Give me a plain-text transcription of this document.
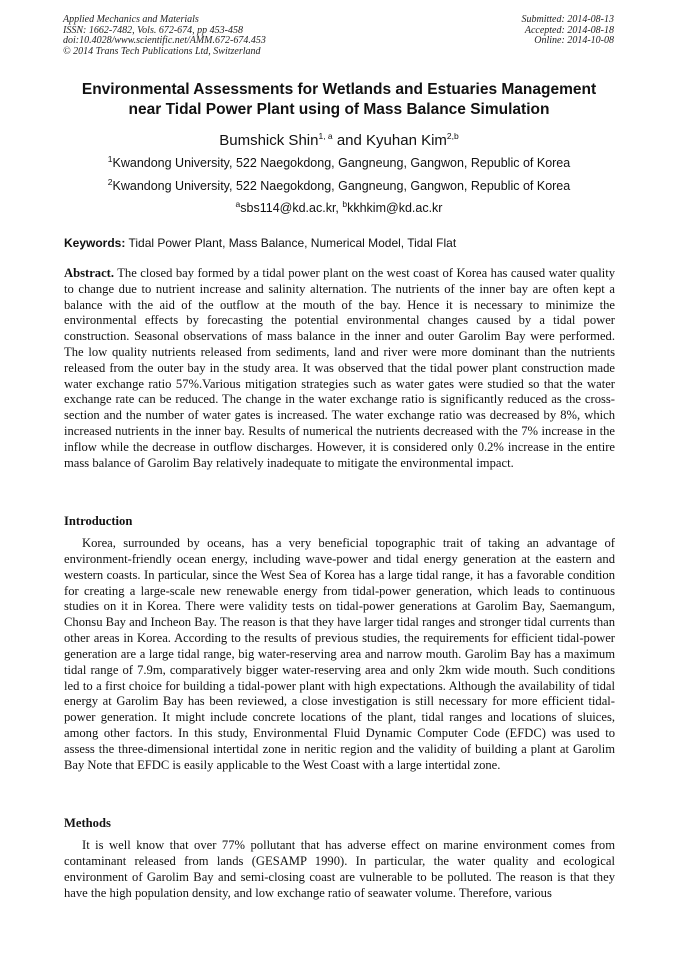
Applied Mechanics and Materials
ISSN: 1662-7482, Vols. 672-674, pp 453-458
doi:10.4028/www.scientific.net/AMM.672-674.453
© 2014 Trans Tech Publications Ltd, Switzerland
Submitted: 2014-08-13
Accepted: 2014-08-18
Online: 2014-10-08
Environmental Assessments for Wetlands and Estuaries Management
near Tidal Power Plant using of Mass Balance Simulation
Bumshick Shin$^{1, a}$ and Kyuhan Kim$^{2,b}$
$^1$Kwandong University, 522 Naegokdong, Gangneung, Gangwon, Republic of Korea
$^2$Kwandong University, 522 Naegokdong, Gangneung, Gangwon, Republic of Korea
$^a$sbs114@kd.ac.kr, $^b$kkhkim@kd.ac.kr
Keywords: Tidal Power Plant, Mass Balance, Numerical Model, Tidal Flat
Abstract. The closed bay formed by a tidal power plant on the west coast of Korea has caused water quality to change due to nutrient increase and salinity alternation. The nutrients of the inner bay are often kept a balance with the aid of the outflow at the mouth of the bay. Hence it is necessary to minimize the environmental effects by forecasting the potential environmental changes caused by a tidal power construction. Seasonal observations of mass balance in the inner and outer Garolim Bay were performed. The low quality nutrients released from sediments, land and river were more dominant than the nutrients released from the outer bay in the study area. It was observed that the tidal power plant construction made water exchange ratio 57%.Various mitigation strategies such as water gates were studied so that the water exchange rate can be reduced. The change in the water exchange ratio is significantly reduced as the cross-section and the number of water gates is increased. The water exchange ratio was decreased by 8%, which increased nutrients in the inner bay. Results of numerical the nutrients decreased with the 7% increase in the inflow while the decrease in outflow discharges. However, it is considered only 0.2% increase in the entire mass balance of Garolim Bay relatively inadequate to mitigate the environmental impact.
Introduction
Korea, surrounded by oceans, has a very beneficial topographic trait of taking an advantage of environment-friendly ocean energy, including wave-power and tidal energy generation at the eastern and western coasts. In particular, since the West Sea of Korea has a large tidal range, it has a favorable condition for creating a large-scale new renewable energy from tidal-power generation, which leads to continuous studies on it in Korea. There were validity tests on tidal-power generations at Garolim Bay, Saemangum, Chonsu Bay and Incheon Bay. The reason is that they have larger tidal ranges and stronger tidal currents than other areas in Korea. According to the results of previous studies, the requirements for efficient tidal-power generation are a large tidal range, big water-reserving area and narrow mouth. Garolim Bay has a maximum tidal range of 7.9m, comparatively bigger water-reserving area and only 2km wide mouth. Such conditions led to a first choice for building a tidal-power plant with high expectations. Although the availability of tidal energy at Garolim Bay has been reviewed, a close investigation is still necessary for more efficient tidal-power generation. It might include concrete locations of the plant, tidal ranges and locations of sluices, among other factors. In this study, Environmental Fluid Dynamic Computer Code (EFDC) was used to assess the three-dimensional intertidal zone in neritic region and the validity of building a plant at Garolim Bay Note that EFDC is easily applicable to the West Coast with a large intertidal zone.
Methods
It is well know that over 77% pollutant that has adverse effect on marine environment comes from contaminant released from lands (GESAMP 1990). In particular, the water quality and ecological environment of Garolim Bay and semi-closing coast are vulnerable to be polluted. The reason is that they have the high population density, and low exchange ratio of seawater volume. Therefore, various
